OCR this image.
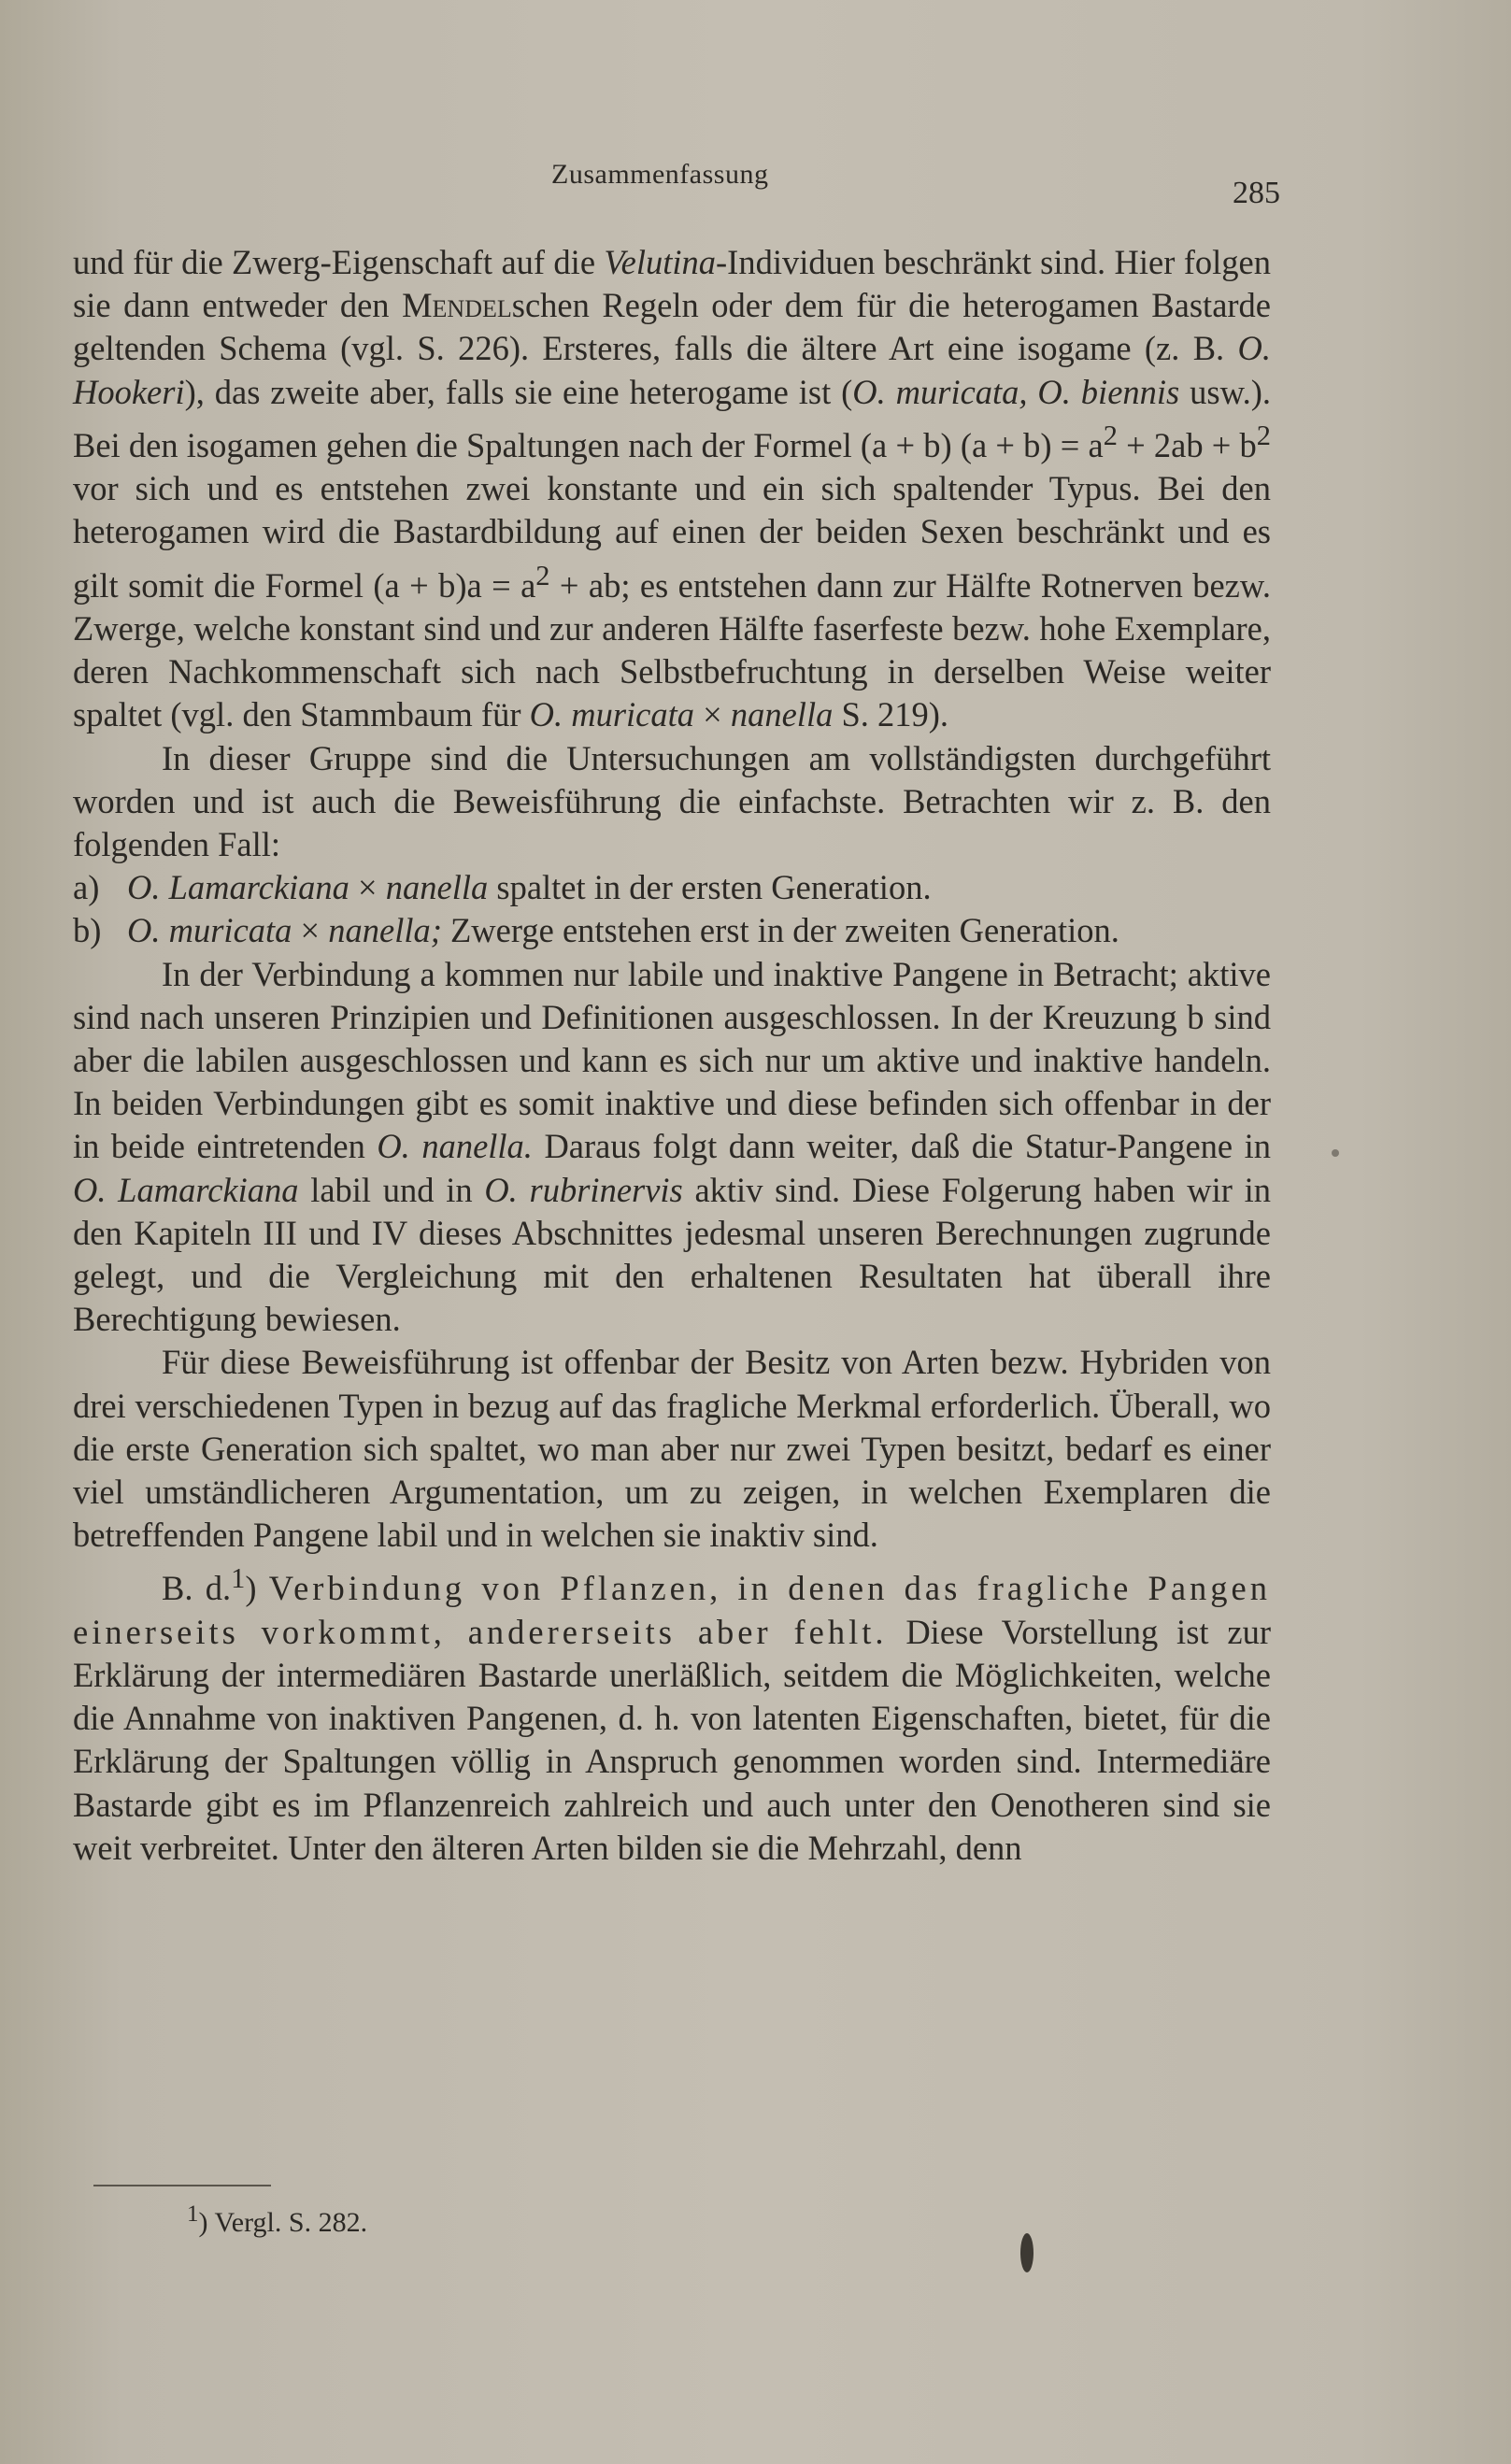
Zusammenfassung
285

und für die Zwerg-Eigenschaft auf die Velutina-Individuen beschränkt sind. Hier folgen sie dann entweder den Mendelschen Regeln oder dem für die heterogamen Bastarde geltenden Schema (vgl. S. 226). Ersteres, falls die ältere Art eine isogame (z. B. O. Hookeri), das zweite aber, falls sie eine heterogame ist (O. muricata, O. biennis usw.). Bei den isogamen gehen die Spaltungen nach der Formel (a + b) $(a + b) = a^2 + 2ab + b^2$ vor sich und es entstehen zwei konstante und ein sich spaltender Typus. Bei den heterogamen wird die Bastardbildung auf einen der beiden Sexen beschränkt und es gilt somit die Formel $(a + b)a = a^2$ + ab; es entstehen dann zur Hälfte Rotnerven bezw. Zwerge, welche konstant sind und zur anderen Hälfte faserfeste bezw. hohe Exemplare, deren Nachkommenschaft sich nach Selbstbefruchtung in derselben Weise weiter spaltet (vgl. den Stammbaum für O. muricata × nanella S. 219).

In dieser Gruppe sind die Untersuchungen am vollständigsten durchgeführt worden und ist auch die Beweisführung die einfachste. Betrachten wir z. B. den folgenden Fall:

a) O. Lamarckiana × nanella spaltet in der ersten Generation.

b) O. muricata × nanella; Zwerge entstehen erst in der zweiten Generation.

In der Verbindung a kommen nur labile und inaktive Pangene in Betracht; aktive sind nach unseren Prinzipien und Definitionen ausgeschlossen. In der Kreuzung b sind aber die labilen ausgeschlossen und kann es sich nur um aktive und inaktive handeln. In beiden Verbindungen gibt es somit inaktive und diese befinden sich offenbar in der in beide eintretenden O. nanella. Daraus folgt dann weiter, daß die Statur-Pangene in O. Lamarckiana labil und in O. rubrinervis aktiv sind. Diese Folgerung haben wir in den Kapiteln III und IV dieses Abschnittes jedesmal unseren Berechnungen zugrunde gelegt, und die Vergleichung mit den erhaltenen Resultaten hat überall ihre Berechtigung bewiesen.

Für diese Beweisführung ist offenbar der Besitz von Arten bezw. Hybriden von drei verschiedenen Typen in bezug auf das fragliche Merkmal erforderlich. Überall, wo die erste Generation sich spaltet, wo man aber nur zwei Typen besitzt, bedarf es einer viel umständlicheren Argumentation, um zu zeigen, in welchen Exemplaren die betreffenden Pangene labil und in welchen sie inaktiv sind.

B. d.$^1$) Verbindung von Pflanzen, in denen das fragliche Pangen einerseits vorkommt, andererseits aber fehlt. Diese Vorstellung ist zur Erklärung der intermediären Bastarde unerläßlich, seitdem die Möglichkeiten, welche die Annahme von inaktiven Pangenen, d. h. von latenten Eigenschaften, bietet, für die Erklärung der Spaltungen völlig in Anspruch genommen worden sind. Intermediäre Bastarde gibt es im Pflanzenreich zahlreich und auch unter den Oenotheren sind sie weit verbreitet. Unter den älteren Arten bilden sie die Mehrzahl, denn

$^1$) Vergl. S. 282.
